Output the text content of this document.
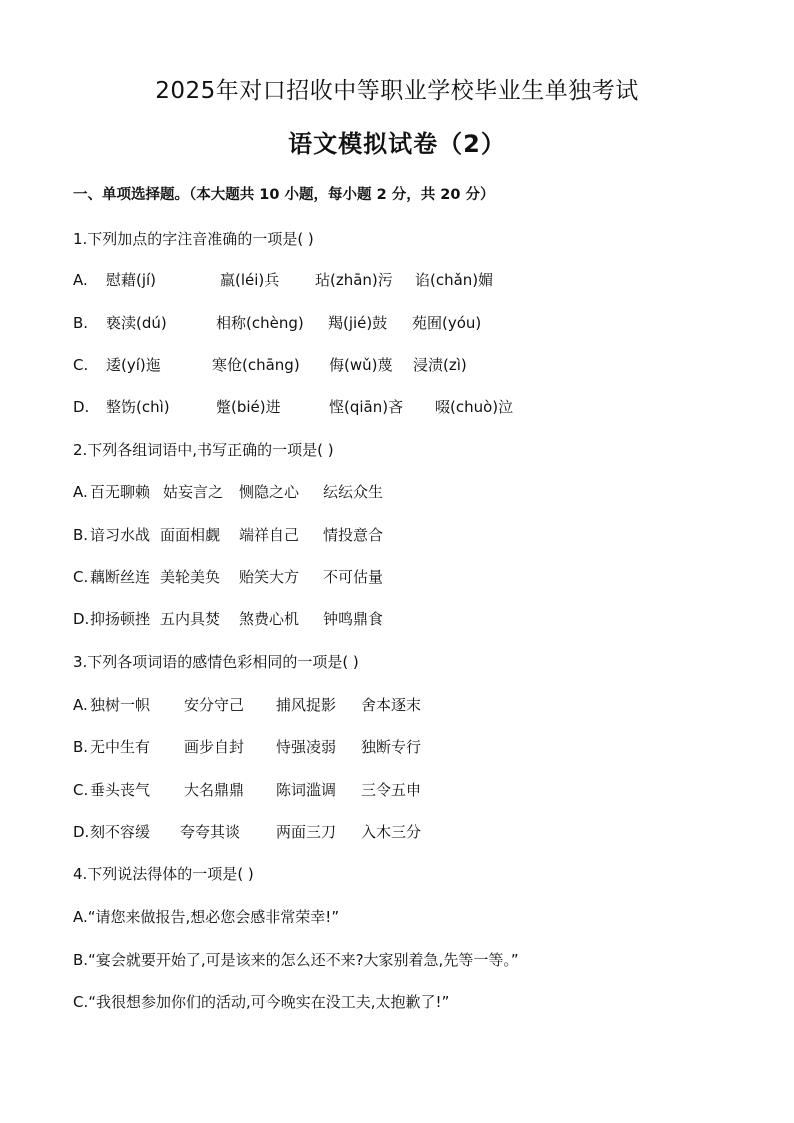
2025年对口招收中等职业学校毕业生单独考试
语文模拟试卷（2）
一、单项选择题。（本大题共 10 小题，每小题 2 分，共 20 分）
1.下列加点的字注音准确的一项是( )
A. 慰藉(jí)	羸(léi)兵 玷(zhān)污 谄(chǎn)媚
B. 亵渎(dú)	相称(chèng) 羯(jié)鼓 苑囿(yóu)
C. 逶(yí)迤	寒伧(chāng) 侮(wǔ)蔑 浸渍(zì)
D. 整饬(chì)	蹩(bié)进	悭(qiān)吝 啜(chuò)泣
2.下列各组词语中,书写正确的一项是( )
A. 百无聊赖 姑妄言之 恻隐之心 纭纭众生
B. 谙习水战 面面相觑 端祥自己 情投意合
C. 藕断丝连 美轮美奂 贻笑大方 不可估量
D.抑扬顿挫 五内具焚 煞费心机 钟鸣鼎食
3.下列各项词语的感情色彩相同的一项是( )
A. 独树一帜 安分守己 捕风捉影 舍本逐末
B. 无中生有 画步自封 恃强凌弱 独断专行
C. 垂头丧气 大名鼎鼎 陈词滥调 三令五申
D.刻不容缓 夸夸其谈 两面三刀 入木三分
4.下列说法得体的一项是( )
A.“请您来做报告,想必您会感非常荣幸!”
B.“宴会就要开始了,可是该来的怎么还不来?大家别着急,先等一等。”
C.“我很想参加你们的活动,可今晚实在没工夫,太抱歉了!”
